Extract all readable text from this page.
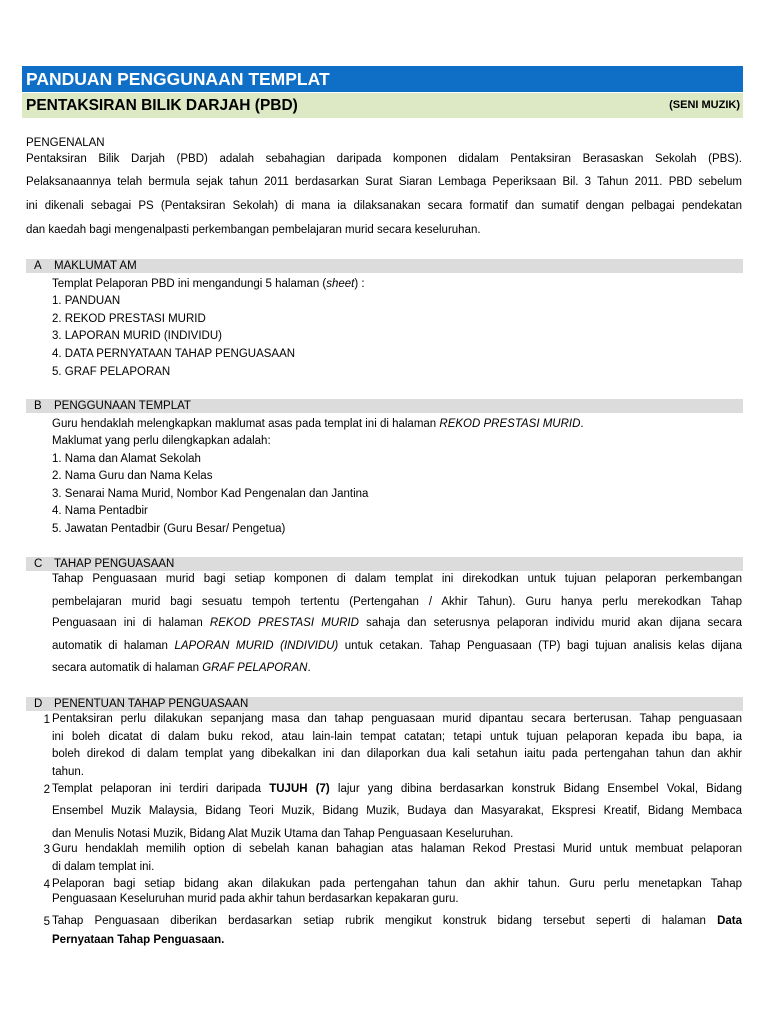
PANDUAN PENGGUNAAN TEMPLAT
PENTAKSIRAN BILIK DARJAH (PBD)	(SENI MUZIK)
PENGENALAN
Pentaksiran Bilik Darjah (PBD) adalah sebahagian daripada komponen didalam Pentaksiran Berasaskan Sekolah (PBS).
Pelaksanaannya telah bermula sejak tahun 2011 berdasarkan Surat Siaran Lembaga Peperiksaan Bil. 3 Tahun 2011. PBD sebelum
ini dikenali sebagai PS (Pentaksiran Sekolah) di mana ia dilaksanakan secara formatif dan sumatif dengan pelbagai pendekatan
dan kaedah bagi mengenalpasti perkembangan pembelajaran murid secara keseluruhan.
A MAKLUMAT AM
Templat Pelaporan PBD ini mengandungi 5 halaman (sheet) :
1. PANDUAN
2. REKOD PRESTASI MURID
3. LAPORAN MURID (INDIVIDU)
4. DATA PERNYATAAN TAHAP PENGUASAAN
5. GRAF PELAPORAN
B PENGGUNAAN TEMPLAT
Guru hendaklah melengkapkan maklumat asas pada templat ini di halaman REKOD PRESTASI MURID.
Maklumat yang perlu dilengkapkan adalah:
1. Nama dan Alamat Sekolah
2. Nama Guru dan Nama Kelas
3. Senarai Nama Murid, Nombor Kad Pengenalan dan Jantina
4. Nama Pentadbir
5. Jawatan Pentadbir (Guru Besar/ Pengetua)
C TAHAP PENGUASAAN
Tahap Penguasaan murid bagi setiap komponen di dalam templat ini direkodkan untuk tujuan pelaporan perkembangan
pembelajaran murid bagi sesuatu tempoh tertentu (Pertengahan / Akhir Tahun). Guru hanya perlu merekodkan Tahap
Penguasaan ini di halaman REKOD PRESTASI MURID sahaja dan seterusnya pelaporan individu murid akan dijana secara
automatik di halaman LAPORAN MURID (INDIVIDU) untuk cetakan. Tahap Penguasaan (TP) bagi tujuan analisis kelas dijana
secara automatik di halaman GRAF PELAPORAN.
D PENENTUAN TAHAP PENGUASAAN
1 Pentaksiran perlu dilakukan sepanjang masa dan tahap penguasaan murid dipantau secara berterusan. Tahap penguasaan
ini boleh dicatat di dalam buku rekod, atau lain-lain tempat catatan; tetapi untuk tujuan pelaporan kepada ibu bapa, ia
boleh direkod di dalam templat yang dibekalkan ini dan dilaporkan dua kali setahun iaitu pada pertengahan tahun dan akhir
tahun.
2 Templat pelaporan ini terdiri daripada TUJUH (7) lajur yang dibina berdasarkan konstruk Bidang Ensembel Vokal, Bidang
Ensembel Muzik Malaysia, Bidang Teori Muzik, Bidang Muzik, Budaya dan Masyarakat, Ekspresi Kreatif, Bidang Membaca
dan Menulis Notasi Muzik, Bidang Alat Muzik Utama dan Tahap Penguasaan Keseluruhan.
3 Guru hendaklah memilih option di sebelah kanan bahagian atas halaman Rekod Prestasi Murid untuk membuat pelaporan
di dalam templat ini.
4 Pelaporan bagi setiap bidang akan dilakukan pada pertengahan tahun dan akhir tahun. Guru perlu menetapkan Tahap
Penguasaan Keseluruhan murid pada akhir tahun berdasarkan kepakaran guru.
5 Tahap Penguasaan diberikan berdasarkan setiap rubrik mengikut konstruk bidang tersebut seperti di halaman Data
Pernyataan Tahap Penguasaan.
